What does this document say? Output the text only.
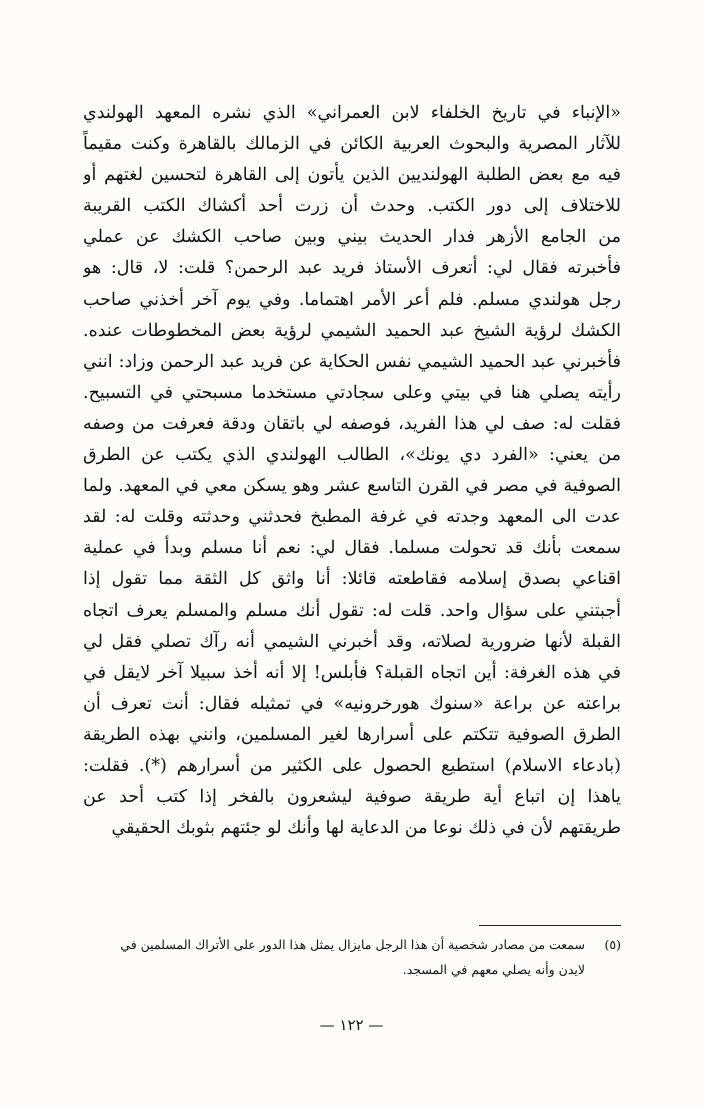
«الإنباء في تاريخ الخلفاء لابن العمراني» الذي نشره المعهد الهولندي
للآثار المصرية والبحوث العربية الكائن في الزمالك بالقاهرة وكنت مقيماً
فيه مع بعض الطلبة الهولنديين الذين يأتون إلى القاهرة لتحسين لغتهم أو
للاختلاف إلى دور الكتب. وحدث أن زرت أحد أكشاك الكتب القريبة
من الجامع الأزهر فدار الحديث بيني وبين صاحب الكشك عن عملي
فأخبرته فقال لي: أتعرف الأستاذ فريد عبد الرحمن؟ قلت: لا، قال: هو
رجل هولندي مسلم. فلم أعر الأمر اهتماما. وفي يوم آخر أخذني صاحب
الكشك لرؤية الشيخ عبد الحميد الشيمي لرؤية بعض المخطوطات عنده.
فأخبرني عبد الحميد الشيمي نفس الحكاية عن فريد عبد الرحمن وزاد: انني
رأيته يصلي هنا في بيتي وعلى سجادتي مستخدما مسبحتي في التسبيح.
فقلت له: صف لي هذا الفريد، فوصفه لي باتقان ودقة فعرفت من وصفه
من يعني: «الفرد دي يونك»، الطالب الهولندي الذي يكتب عن الطرق
الصوفية في مصر في القرن التاسع عشر وهو يسكن معي في المعهد. ولما
عدت الى المعهد وجدته في غرفة المطبخ فحدثني وحدثته وقلت له: لقد
سمعت بأنك قد تحولت مسلما. فقال لي: نعم أنا مسلم وبدأ في عملية
اقناعي بصدق إسلامه فقاطعته قائلا: أنا واثق كل الثقة مما تقول إذا
أجبتني على سؤال واحد. قلت له: تقول أنك مسلم والمسلم يعرف اتجاه
القبلة لأنها ضرورية لصلاته، وقد أخبرني الشيمي أنه رآك تصلي فقل لي
في هذه الغرفة: أين اتجاه القبلة؟ فأبلس! إلا أنه أخذ سبيلا آخر لايقل في
براعته عن براعة «سنوك هورخرونيه» في تمثيله فقال: أنت تعرف أن
الطرق الصوفية تتكتم على أسرارها لغير المسلمين، وانني بهذه الطريقة
(بادعاء الاسلام) استطيع الحصول على الكثير من أسرارهم (*). فقلت:
ياهذا إن اتباع أية طريقة صوفية ليشعرون بالفخر إذا كتب أحد عن
طريقتهم لأن في ذلك نوعا من الدعاية لها وأنك لو جئتهم بثوبك الحقيقي
(٥)سمعت من مصادر شخصية أن هذا الرجل مايزال يمثل هذا الدور على الأتراك المسلمين في
لايدن وأنه يصلي معهم في المسجد.
— ١٢٢ —
